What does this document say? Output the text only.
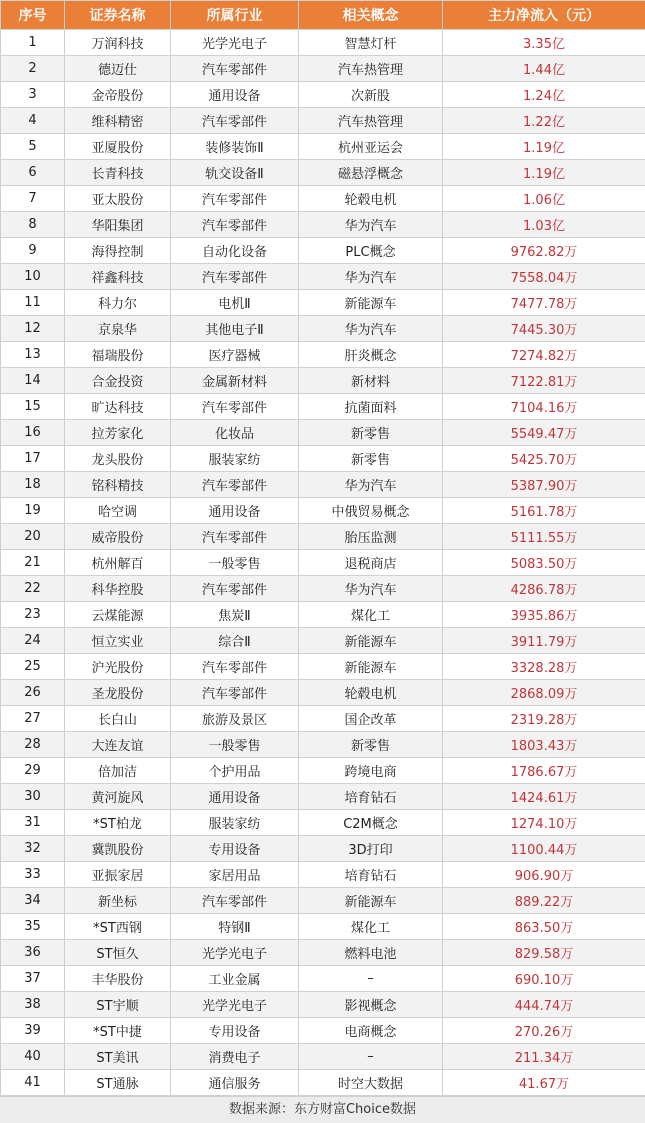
序号	证券名称	所属行业	相关概念	主力净流入（元）
1	万润科技	光学光电子	智慧灯杆	3.35亿
2	德迈仕	汽车零部件	汽车热管理	1.44亿
3	金帝股份	通用设备	次新股	1.24亿
4	维科精密	汽车零部件	汽车热管理	1.22亿
5	亚厦股份	装修装饰Ⅱ	杭州亚运会	1.19亿
6	长青科技	轨交设备Ⅱ	磁悬浮概念	1.19亿
7	亚太股份	汽车零部件	轮毂电机	1.06亿
8	华阳集团	汽车零部件	华为汽车	1.03亿
9	海得控制	自动化设备	PLC概念	9762.82万
10	祥鑫科技	汽车零部件	华为汽车	7558.04万
11	科力尔	电机Ⅱ	新能源车	7477.78万
12	京泉华	其他电子Ⅱ	华为汽车	7445.30万
13	福瑞股份	医疗器械	肝炎概念	7274.82万
14	合金投资	金属新材料	新材料	7122.81万
15	旷达科技	汽车零部件	抗菌面料	7104.16万
16	拉芳家化	化妆品	新零售	5549.47万
17	龙头股份	服装家纺	新零售	5425.70万
18	铭科精技	汽车零部件	华为汽车	5387.90万
19	哈空调	通用设备	中俄贸易概念	5161.78万
20	威帝股份	汽车零部件	胎压监测	5111.55万
21	杭州解百	一般零售	退税商店	5083.50万
22	科华控股	汽车零部件	华为汽车	4286.78万
23	云煤能源	焦炭Ⅱ	煤化工	3935.86万
24	恒立实业	综合Ⅱ	新能源车	3911.79万
25	沪光股份	汽车零部件	新能源车	3328.28万
26	圣龙股份	汽车零部件	轮毂电机	2868.09万
27	长白山	旅游及景区	国企改革	2319.28万
28	大连友谊	一般零售	新零售	1803.43万
29	倍加洁	个护用品	跨境电商	1786.67万
30	黄河旋风	通用设备	培育钻石	1424.61万
31	*ST柏龙	服装家纺	C2M概念	1274.10万
32	冀凯股份	专用设备	3D打印	1100.44万
33	亚振家居	家居用品	培育钻石	906.90万
34	新坐标	汽车零部件	新能源车	889.22万
35	*ST西钢	特钢Ⅱ	煤化工	863.50万
36	ST恒久	光学光电子	燃料电池	829.58万
37	丰华股份	工业金属	–	690.10万
38	ST宇顺	光学光电子	影视概念	444.74万
39	*ST中捷	专用设备	电商概念	270.26万
40	ST美讯	消费电子	–	211.34万
41	ST通脉	通信服务	时空大数据	41.67万
数据来源：东方财富Choice数据
